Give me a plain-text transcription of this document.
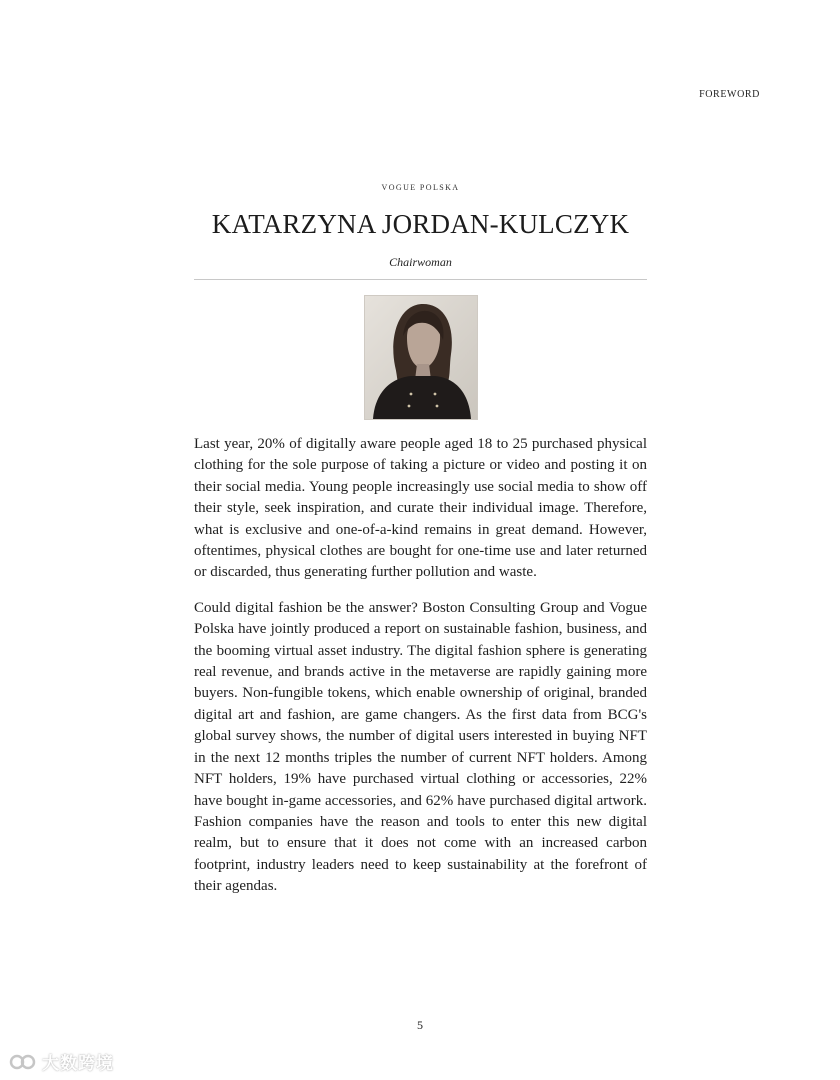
FOREWORD
VOGUE POLSKA
KATARZYNA JORDAN-KULCZYK
Chairwoman

Last year, 20% of digitally aware people aged 18 to 25 purchased physical clothing for the sole purpose of taking a picture or video and posting it on their social media. Young people increasingly use social media to show off their style, seek inspiration, and curate their individual image. Therefore, what is exclusive and one-of-a-kind remains in great demand. However, oftentimes, physical clothes are bought for one-time use and later returned or discarded, thus generating further pollution and waste.

Could digital fashion be the answer? Boston Consulting Group and Vogue Polska have jointly produced a report on sustainable fashion, business, and the booming virtual asset industry. The digital fashion sphere is generating real revenue, and brands active in the metaverse are rapidly gaining more buyers. Non-fungible tokens, which enable ownership of original, branded digital art and fashion, are game changers. As the first data from BCG's global survey shows, the number of digital users interested in buying NFT in the next 12 months triples the number of current NFT holders. Among NFT holders, 19% have purchased virtual clothing or accessories, 22% have bought in-game accessories, and 62% have purchased digital artwork. Fashion companies have the reason and tools to enter this new digital realm, but to ensure that it does not come with an increased carbon footprint, industry leaders need to keep sustainability at the forefront of their agendas.

5
大数跨境
